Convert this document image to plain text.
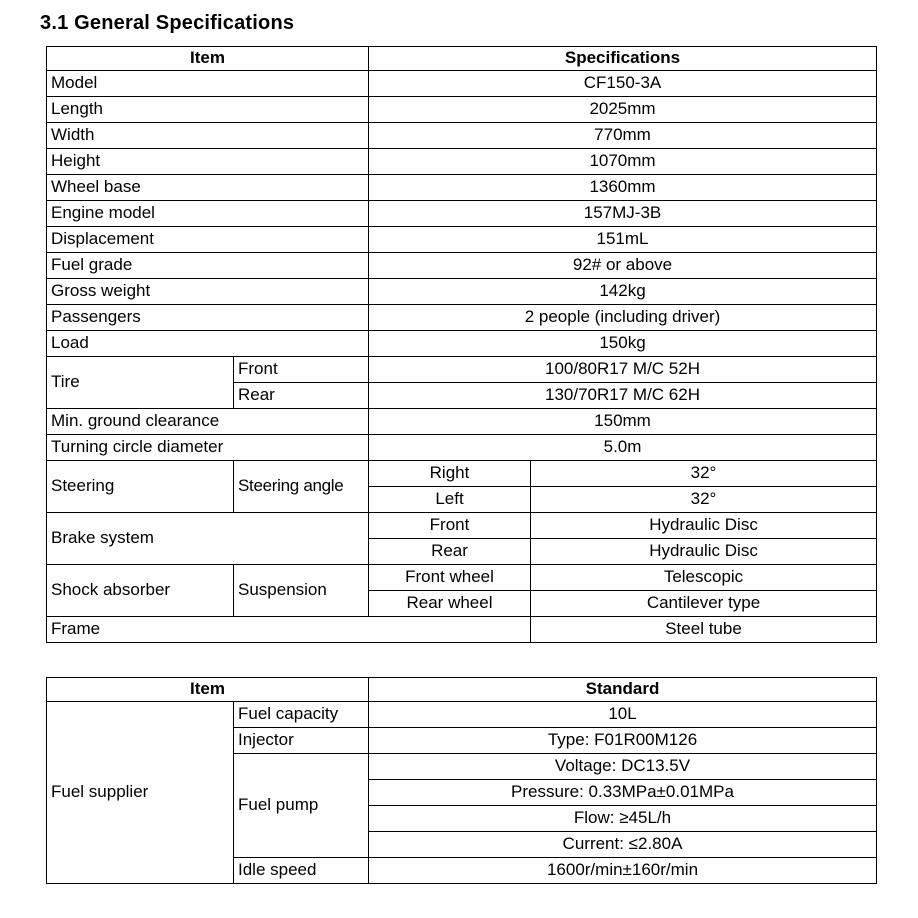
3.1 General Specifications
Item		Specifications	
Model		CF150-3A	
Length		2025mm	
Width		770mm	
Height		1070mm	
Wheel base		1360mm	
Engine model		157MJ-3B	
Displacement		151mL	
Fuel grade		92# or above	
Gross weight		142kg	
Passengers		2 people (including driver)	
Load		150kg	
Tire	Front	100/80R17 M/C 52H	
	Rear	130/70R17 M/C 62H	
Min. ground clearance		150mm	
Turning circle diameter		5.0m	
Steering	Steering angle	Right	32°
		Left	32°
Brake system		Front	Hydraulic Disc
		Rear	Hydraulic Disc
Shock absorber	Suspension	Front wheel	Telescopic
		Rear wheel	Cantilever type
Frame			Steel tube
Item		Standard
Fuel supplier	Fuel capacity	10L
	Injector	Type: F01R00M126
	Fuel pump	Voltage: DC13.5V
		Pressure: 0.33MPa±0.01MPa
		Flow: ≥45L/h
		Current: ≤2.80A
	Idle speed	1600r/min±160r/min
